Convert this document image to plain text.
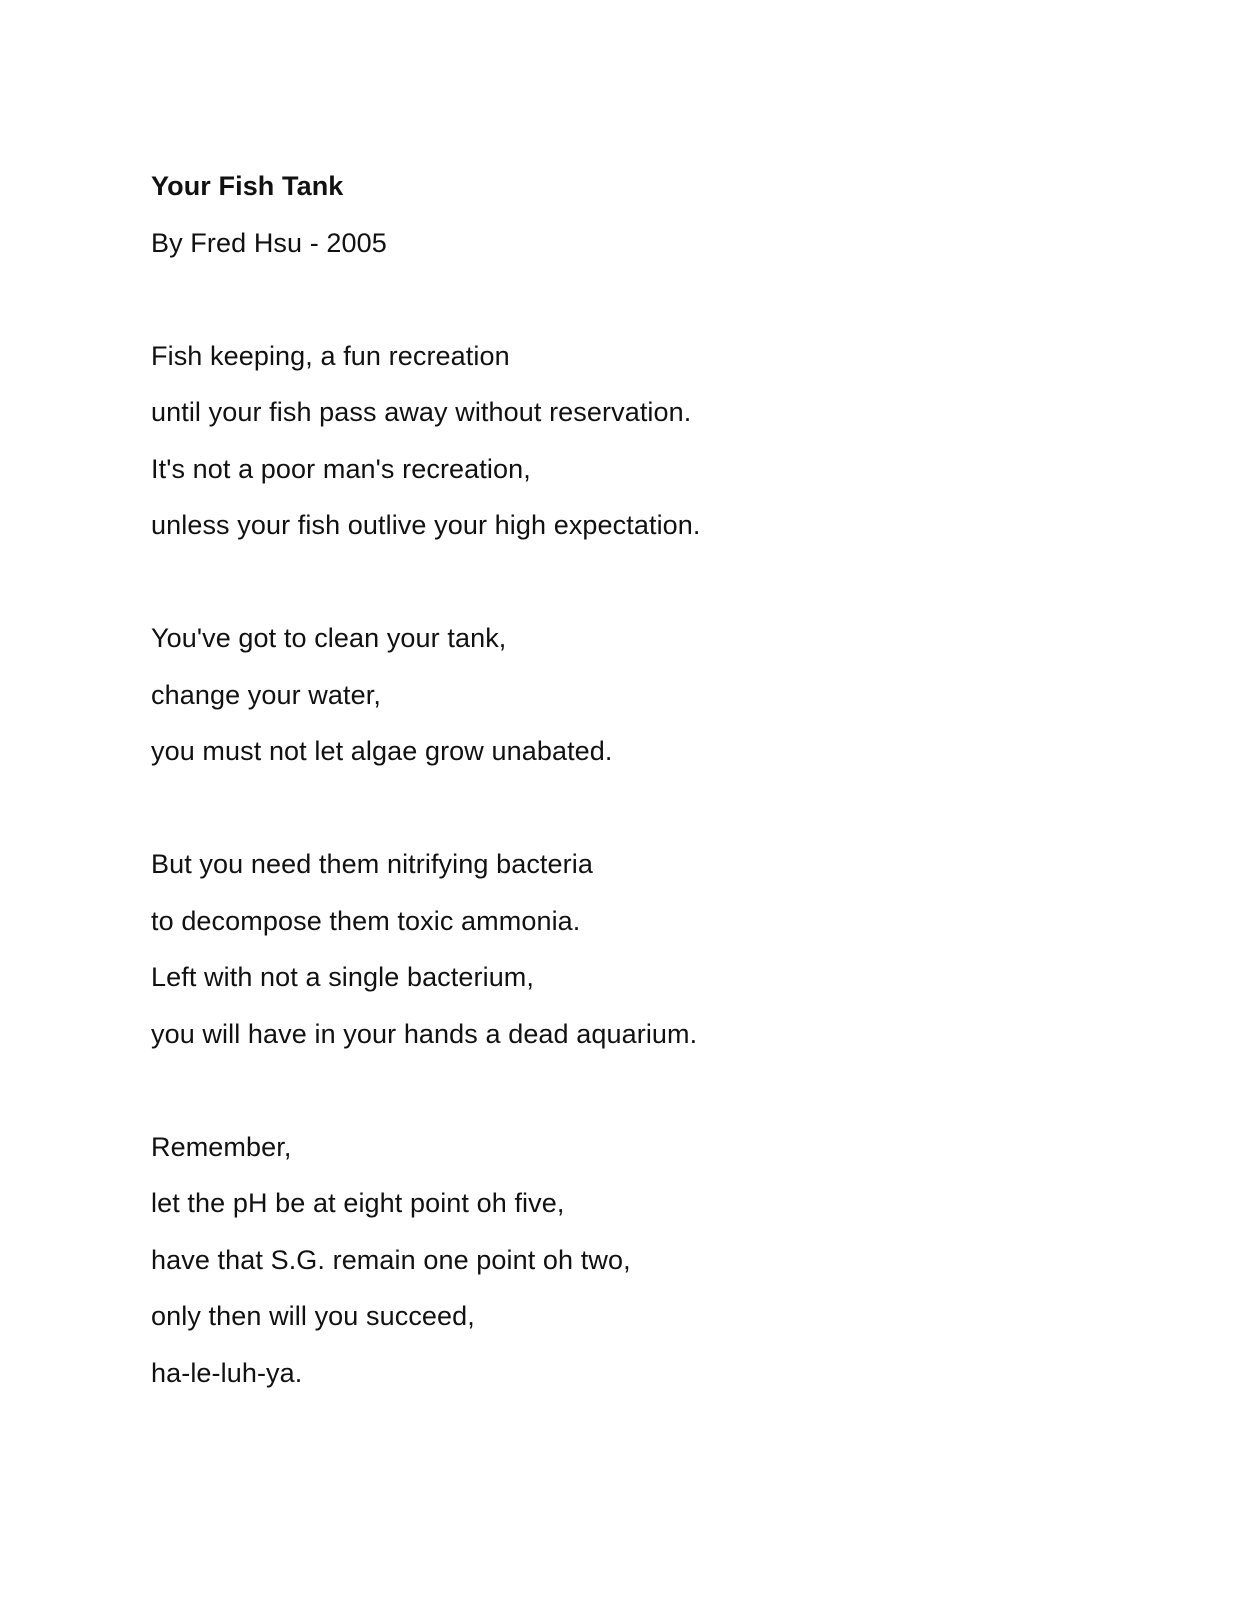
Your Fish Tank
By Fred Hsu - 2005
Fish keeping, a fun recreation
until your fish pass away without reservation.
It's not a poor man's recreation,
unless your fish outlive your high expectation.
You've got to clean your tank,
change your water,
you must not let algae grow unabated.
But you need them nitrifying bacteria
to decompose them toxic ammonia.
Left with not a single bacterium,
you will have in your hands a dead aquarium.
Remember,
let the pH be at eight point oh five,
have that S.G. remain one point oh two,
only then will you succeed,
ha-le-luh-ya.
